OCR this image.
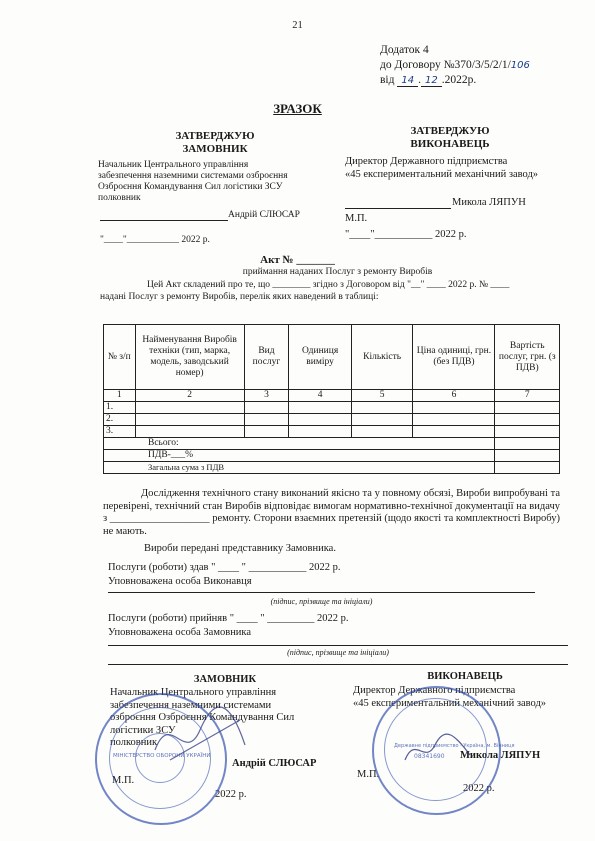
21
Додаток 4
до Договору №370/3/5/2/1/106
від 14 . 12 .2022р.
ЗРАЗОК
ЗАТВЕРДЖУЮ
ЗАМОВНИК
Начальник Центрального управління
забезпечення наземними системами озброєння
Озброєння Командування Сил логістики ЗСУ
полковник
Андрій СЛЮСАР
"____"___________ 2022 р.
ЗАТВЕРДЖУЮ
ВИКОНАВЕЦЬ
Директор Державного підприємства
«45 експериментальний механічний завод»
Микола ЛЯПУН
М.П.
"____"___________ 2022 р.
Акт № _______
приймання наданих Послуг з ремонту Виробів
Цей Акт складений про те, що ________ згідно з Договором від "__" ____ 2022 р. № ____
надані Послуг з ремонту Виробів, перелік яких наведений в таблиці:
№ з/п	Найменування Виробів техніки (тип, марка, модель, заводський номер)	Вид послуг	Одиниця виміру	Кількість	Ціна одиниці, грн. (без ПДВ)	Вартість послуг, грн. (з ПДВ)
1	2	3	4	5	6	7
1.						
2.						
3.						
Всього:						
ПДВ-___%						
Загальна сума з ПДВ						
Дослідження технічного стану виконаний якісно та у повному обсязі, Вироби випробувані та перевірені, технічний стан Виробів відповідає вимогам нормативно-технічної документації на видачу з ___________________ ремонту. Сторони взаємних претензій (щодо якості та комплектності Виробу) не мають.
Вироби передані представнику Замовника.
Послуги (роботи) здав " ____ " ___________ 2022 р.
Уповноважена особа Виконавця
(підпис, прізвище та ініціали)
Послуги (роботи) прийняв " ____ " _________ 2022 р.
Уповноважена особа Замовника
(підпис, прізвище та ініціали)
ЗАМОВНИК
Начальник Центрального управління
забезпечення наземними системами
озброєння Озброєння Командування Сил
логістики ЗСУ
полковник
Андрій СЛЮСАР
М.П.
2022 р.
ВИКОНАВЕЦЬ
Директор Державного підприємства
«45 експериментальний механічний завод»
Микола ЛЯПУН
М.П.
2022 р.
МІНІСТЕРСТВО ОБОРОНИ УКРАЇНИ
Державне підприємство · Україна, м. Вінниця
08341690
